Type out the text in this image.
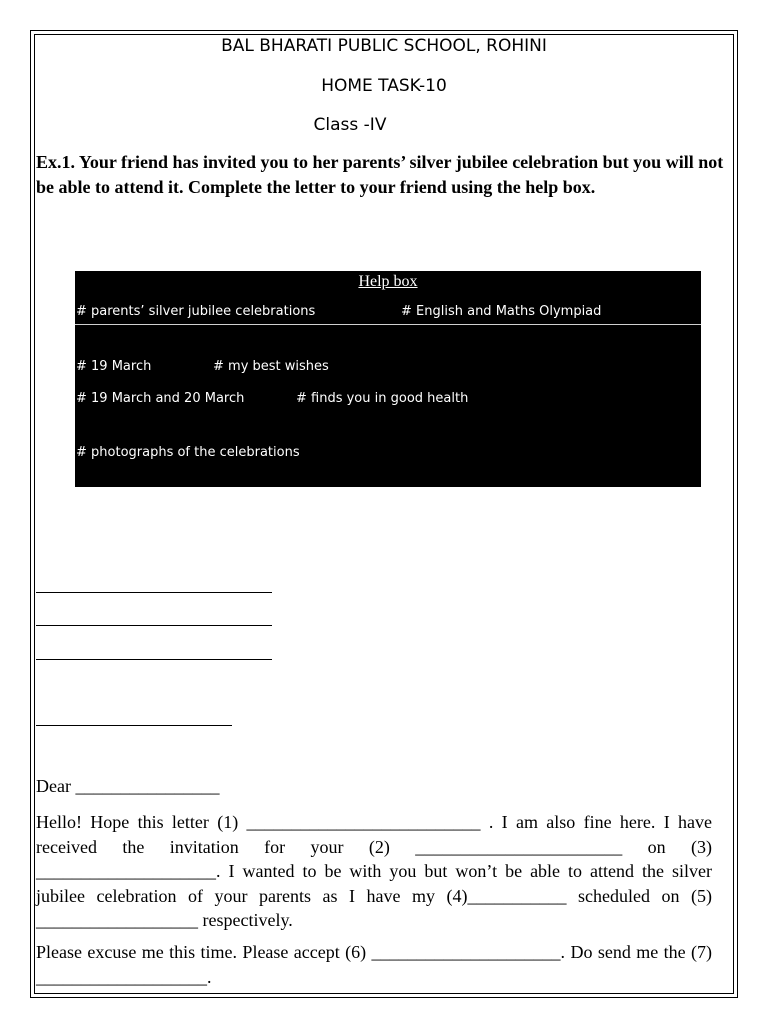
BAL BHARATI PUBLIC SCHOOL, ROHINI
HOME TASK-10
Class -IV
Ex.1. Your friend has invited you to her parents’ silver jubilee celebration but you will not be able to attend it. Complete the letter to your friend using the help box.
Help box
# parents’ silver jubilee celebrations	# English and Maths Olympiad
# 19 March	# my best wishes
# 19 March and 20 March	# finds you in good health
# photographs of the celebrations
Dear ________________
Hello! Hope this letter (1) __________________________ . I am also fine here. I have received the invitation for your (2) _______________________ on (3) ____________________. I wanted to be with you but won’t be able to attend the silver jubilee celebration of your parents as I have my (4)___________ scheduled on (5) __________________ respectively.
Please excuse me this time. Please accept (6) _____________________. Do send me the (7) ___________________.
